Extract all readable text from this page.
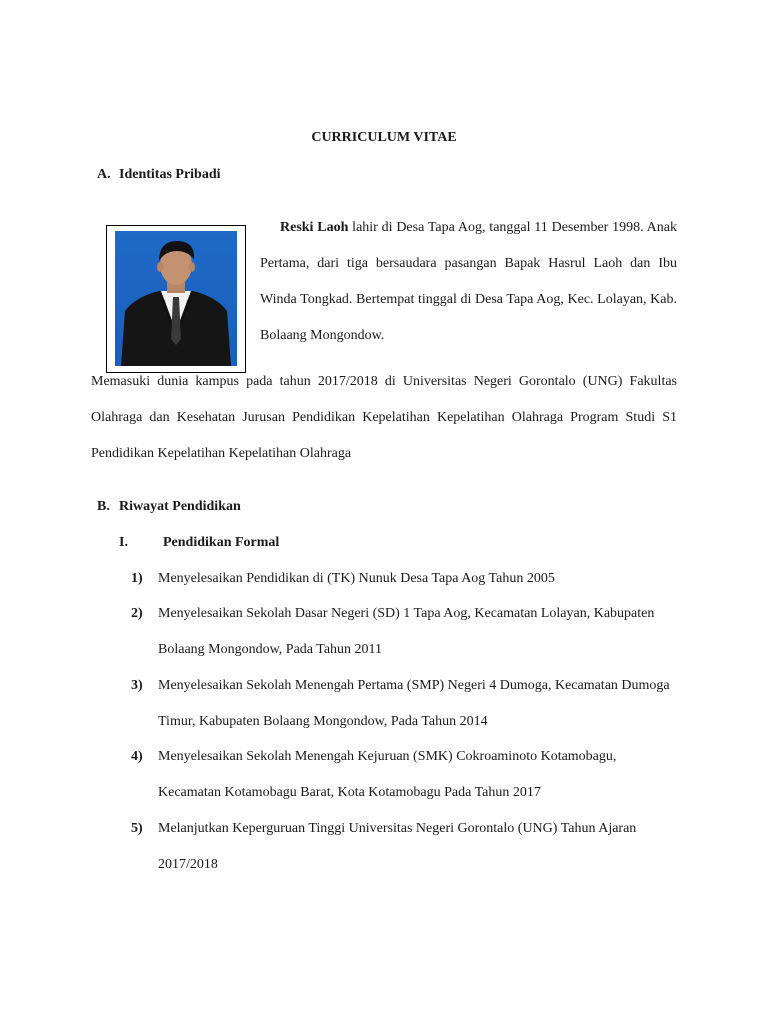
CURRICULUM VITAE
A. Identitas Pribadi
Reski Laoh lahir di Desa Tapa Aog, tanggal 11 Desember 1998. Anak Pertama, dari tiga bersaudara pasangan Bapak Hasrul Laoh dan Ibu Winda Tongkad. Bertempat tinggal di Desa Tapa Aog, Kec. Lolayan, Kab. Bolaang Mongondow.
Memasuki dunia kampus pada tahun 2017/2018 di Universitas Negeri Gorontalo (UNG) Fakultas Olahraga dan Kesehatan Jurusan Pendidikan Kepelatihan Kepelatihan Olahraga Program Studi S1 Pendidikan Kepelatihan Kepelatihan Olahraga
B. Riwayat Pendidikan
I.	Pendidikan Formal
1)	Menyelesaikan Pendidikan di (TK) Nunuk Desa Tapa Aog Tahun 2005
2)	Menyelesaikan Sekolah Dasar Negeri (SD) 1 Tapa Aog, Kecamatan Lolayan, Kabupaten Bolaang Mongondow, Pada Tahun 2011
3)	Menyelesaikan Sekolah Menengah Pertama (SMP) Negeri 4 Dumoga, Kecamatan Dumoga Timur, Kabupaten Bolaang Mongondow, Pada Tahun 2014
4)	Menyelesaikan Sekolah Menengah Kejuruan (SMK) Cokroaminoto Kotamobagu, Kecamatan Kotamobagu Barat, Kota Kotamobagu Pada Tahun 2017
5)	Melanjutkan Keperguruan Tinggi Universitas Negeri Gorontalo (UNG) Tahun Ajaran 2017/2018
